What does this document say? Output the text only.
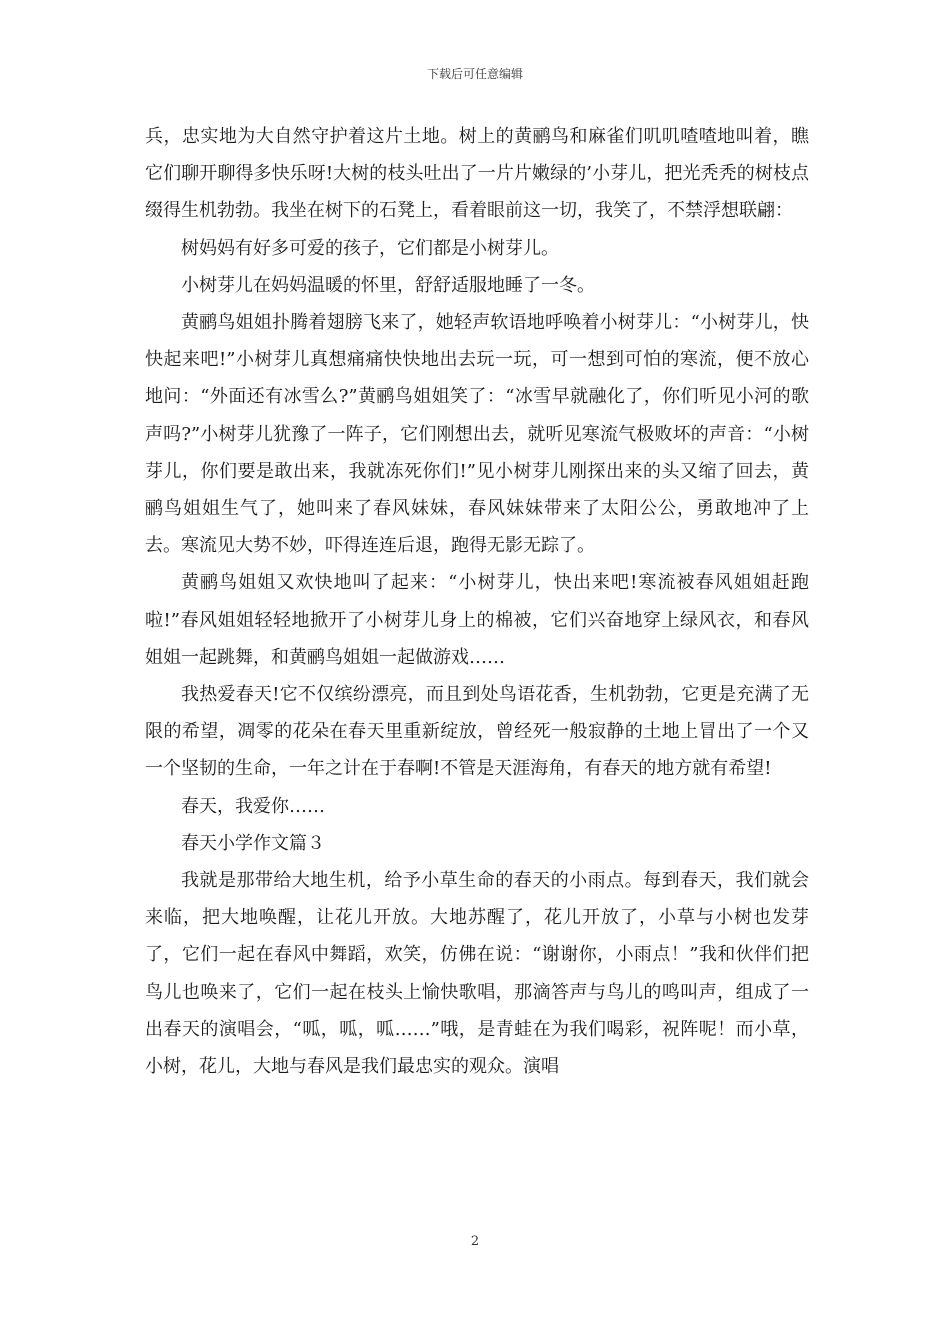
下载后可任意编辑

兵，忠实地为大自然守护着这片土地。树上的黄鹂鸟和麻雀们叽叽喳喳地叫着，瞧它们聊开聊得多快乐呀!大树的枝头吐出了一片片嫩绿的’小芽儿，把光秃秃的树枝点缀得生机勃勃。我坐在树下的石凳上，看着眼前这一切，我笑了，不禁浮想联翩：

树妈妈有好多可爱的孩子，它们都是小树芽儿。

小树芽儿在妈妈温暖的怀里，舒舒适服地睡了一冬。

黄鹂鸟姐姐扑腾着翅膀飞来了，她轻声软语地呼唤着小树芽儿：“小树芽儿，快快起来吧!”小树芽儿真想痛痛快快地出去玩一玩，可一想到可怕的寒流，便不放心地问：“外面还有冰雪么?”黄鹂鸟姐姐笑了：“冰雪早就融化了，你们听见小河的歌声吗?”小树芽儿犹豫了一阵子，它们刚想出去，就听见寒流气极败坏的声音：“小树芽儿，你们要是敢出来，我就冻死你们!”见小树芽儿刚探出来的头又缩了回去，黄鹂鸟姐姐生气了，她叫来了春风妹妹，春风妹妹带来了太阳公公，勇敢地冲了上去。寒流见大势不妙，吓得连连后退，跑得无影无踪了。

黄鹂鸟姐姐又欢快地叫了起来：“小树芽儿，快出来吧!寒流被春风姐姐赶跑啦!”春风姐姐轻轻地掀开了小树芽儿身上的棉被，它们兴奋地穿上绿风衣，和春风姐姐一起跳舞，和黄鹂鸟姐姐一起做游戏……

我热爱春天!它不仅缤纷漂亮，而且到处鸟语花香，生机勃勃，它更是充满了无限的希望，凋零的花朵在春天里重新绽放，曾经死一般寂静的土地上冒出了一个又一个坚韧的生命，一年之计在于春啊!不管是天涯海角，有春天的地方就有希望!

春天，我爱你……

春天小学作文篇３

我就是那带给大地生机，给予小草生命的春天的小雨点。每到春天，我们就会来临，把大地唤醒，让花儿开放。大地苏醒了，花儿开放了，小草与小树也发芽了，它们一起在春风中舞蹈，欢笑，仿佛在说：“谢谢你，小雨点！”我和伙伴们把鸟儿也唤来了，它们一起在枝头上愉快歌唱，那滴答声与鸟儿的鸣叫声，组成了一出春天的演唱会，“呱，呱，呱……”哦，是青蛙在为我们喝彩，祝阵呢！而小草，小树，花儿，大地与春风是我们最忠实的观众。演唱

2
